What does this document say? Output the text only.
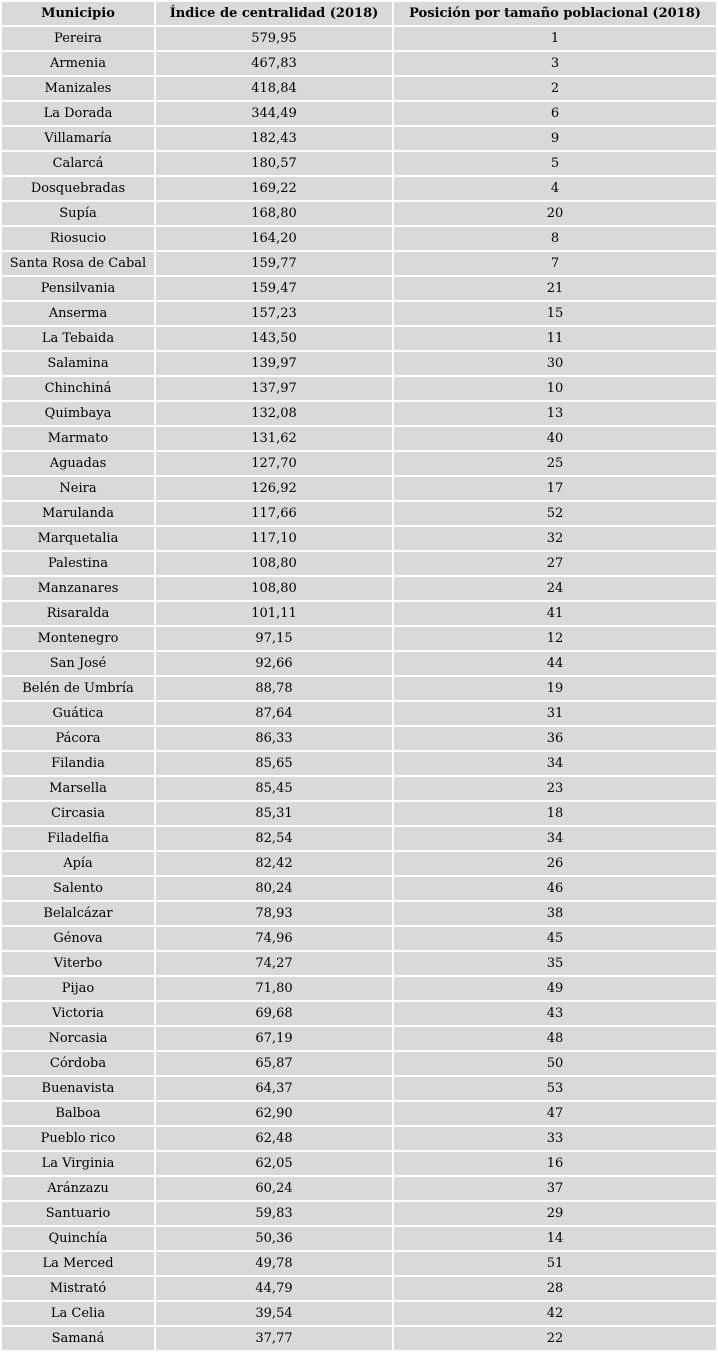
Municipio	Índice de centralidad (2018)	Posición por tamaño poblacional (2018)
Pereira	579,95	1
Armenia	467,83	3
Manizales	418,84	2
La Dorada	344,49	6
Villamaría	182,43	9
Calarcá	180,57	5
Dosquebradas	169,22	4
Supía	168,80	20
Riosucio	164,20	8
Santa Rosa de Cabal	159,77	7
Pensilvania	159,47	21
Anserma	157,23	15
La Tebaida	143,50	11
Salamina	139,97	30
Chinchiná	137,97	10
Quimbaya	132,08	13
Marmato	131,62	40
Aguadas	127,70	25
Neira	126,92	17
Marulanda	117,66	52
Marquetalia	117,10	32
Palestina	108,80	27
Manzanares	108,80	24
Risaralda	101,11	41
Montenegro	97,15	12
San José	92,66	44
Belén de Umbría	88,78	19
Guática	87,64	31
Pácora	86,33	36
Filandia	85,65	34
Marsella	85,45	23
Circasia	85,31	18
Filadelfia	82,54	34
Apía	82,42	26
Salento	80,24	46
Belalcázar	78,93	38
Génova	74,96	45
Viterbo	74,27	35
Pijao	71,80	49
Victoria	69,68	43
Norcasia	67,19	48
Córdoba	65,87	50
Buenavista	64,37	53
Balboa	62,90	47
Pueblo rico	62,48	33
La Virginia	62,05	16
Aránzazu	60,24	37
Santuario	59,83	29
Quinchía	50,36	14
La Merced	49,78	51
Mistrató	44,79	28
La Celia	39,54	42
Samaná	37,77	22
